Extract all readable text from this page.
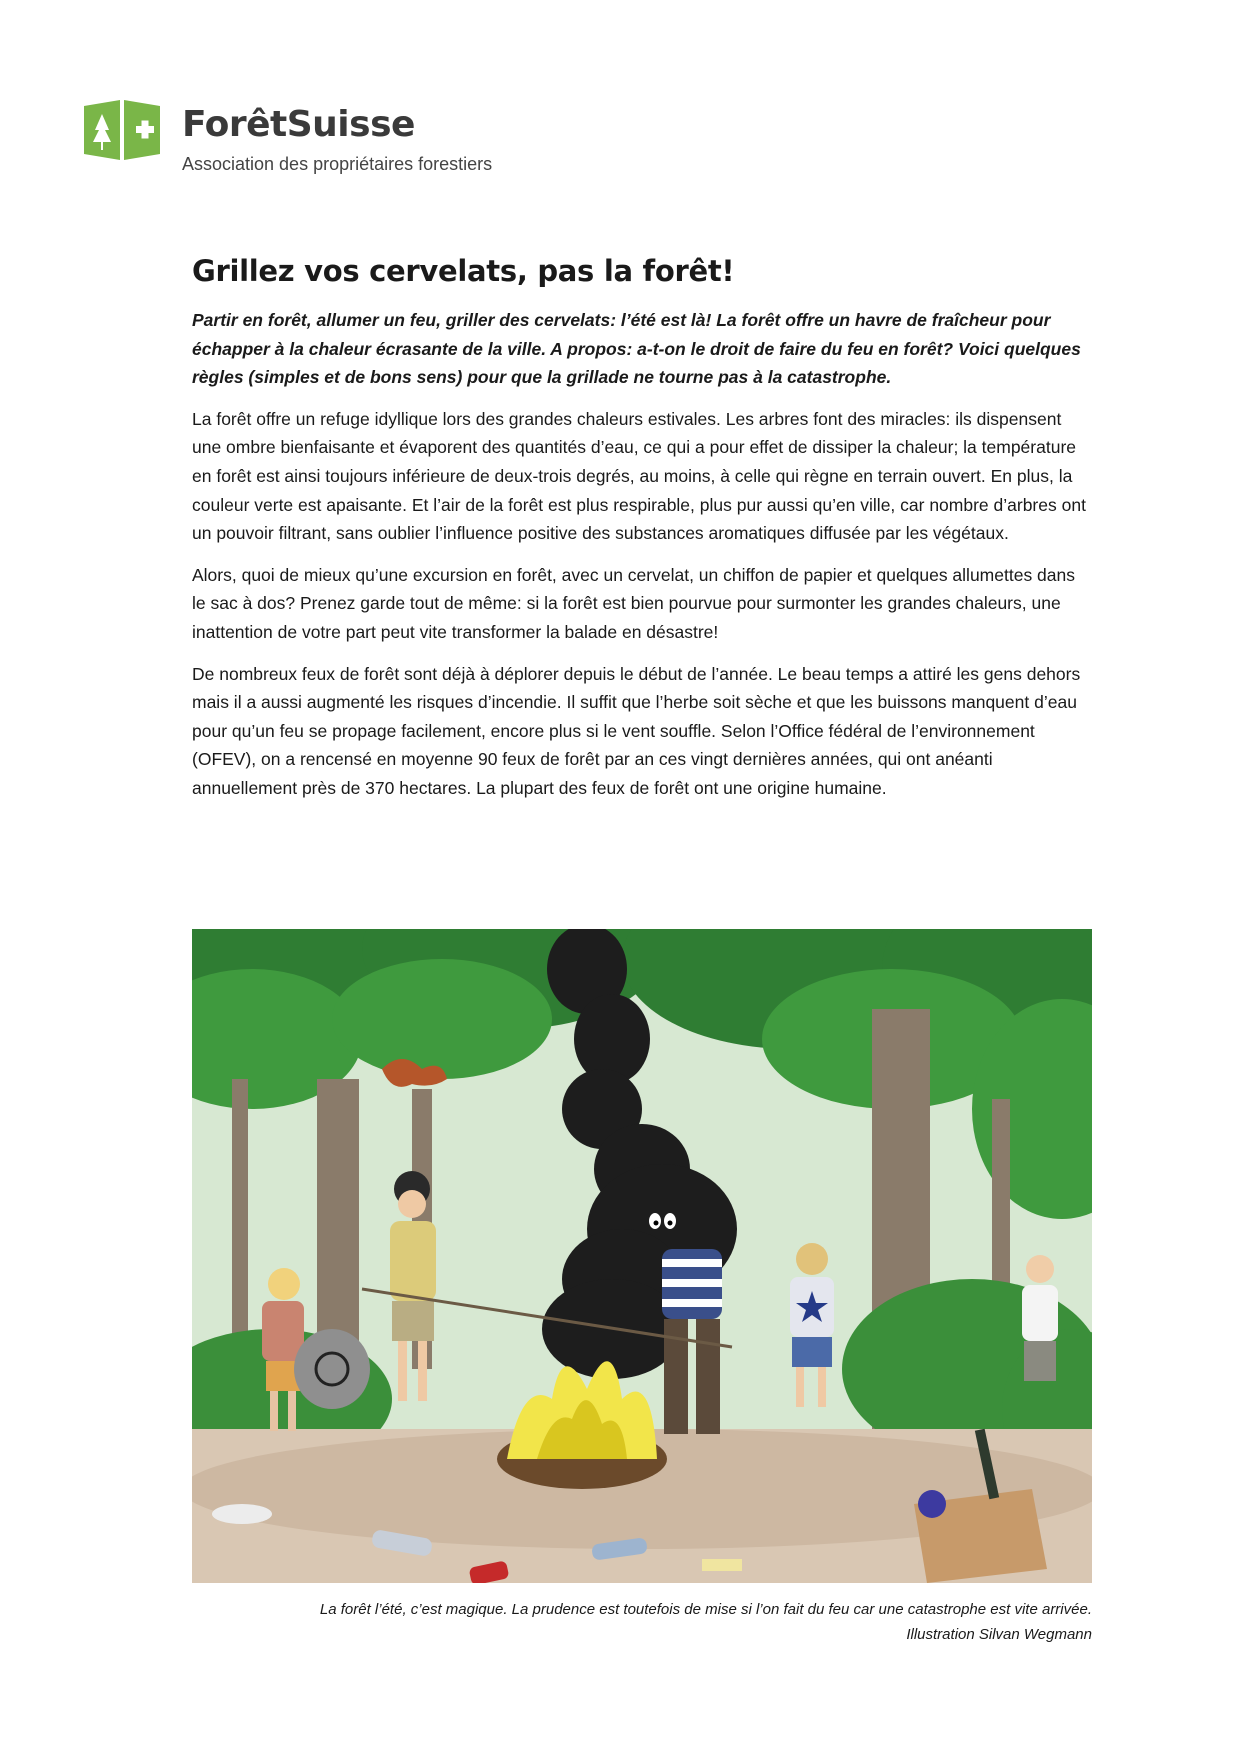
ForêtSuisse
Association des propriétaires forestiers
Grillez vos cervelats, pas la forêt!

Partir en forêt, allumer un feu, griller des cervelats: l’été est là! La forêt offre un havre de fraîcheur pour échapper à la chaleur écrasante de la ville. A propos: a-t-on le droit de faire du feu en forêt? Voici quelques règles (simples et de bons sens) pour que la grillade ne tourne pas à la catastrophe.

La forêt offre un refuge idyllique lors des grandes chaleurs estivales. Les arbres font des miracles: ils dispensent une ombre bienfaisante et évaporent des quantités d’eau, ce qui a pour effet de dissiper la chaleur; la température en forêt est ainsi toujours inférieure de deux-trois degrés, au moins, à celle qui règne en terrain ouvert. En plus, la couleur verte est apaisante. Et l’air de la forêt est plus respirable, plus pur aussi qu’en ville, car nombre d’arbres ont un pouvoir filtrant, sans oublier l’influence positive des substances aromatiques diffusée par les végétaux.

Alors, quoi de mieux qu’une excursion en forêt, avec un cervelat, un chiffon de papier et quelques allumettes dans le sac à dos? Prenez garde tout de même: si la forêt est bien pourvue pour surmonter les grandes chaleurs, une inattention de votre part peut vite transformer la balade en désastre!

De nombreux feux de forêt sont déjà à déplorer depuis le début de l’année. Le beau temps a attiré les gens dehors mais il a aussi augmenté les risques d’incendie. Il suffit que l’herbe soit sèche et que les buissons manquent d’eau pour qu’un feu se propage facilement, encore plus si le vent souffle. Selon l’Office fédéral de l’environnement (OFEV), on a rencensé en moyenne 90 feux de forêt par an ces vingt dernières années, qui ont anéanti annuellement près de 370 hectares. La plupart des feux de forêt ont une origine humaine.

La forêt l’été, c’est magique. La prudence est toutefois de mise si l’on fait du feu car une catastrophe est vite arrivée.
Illustration Silvan Wegmann
